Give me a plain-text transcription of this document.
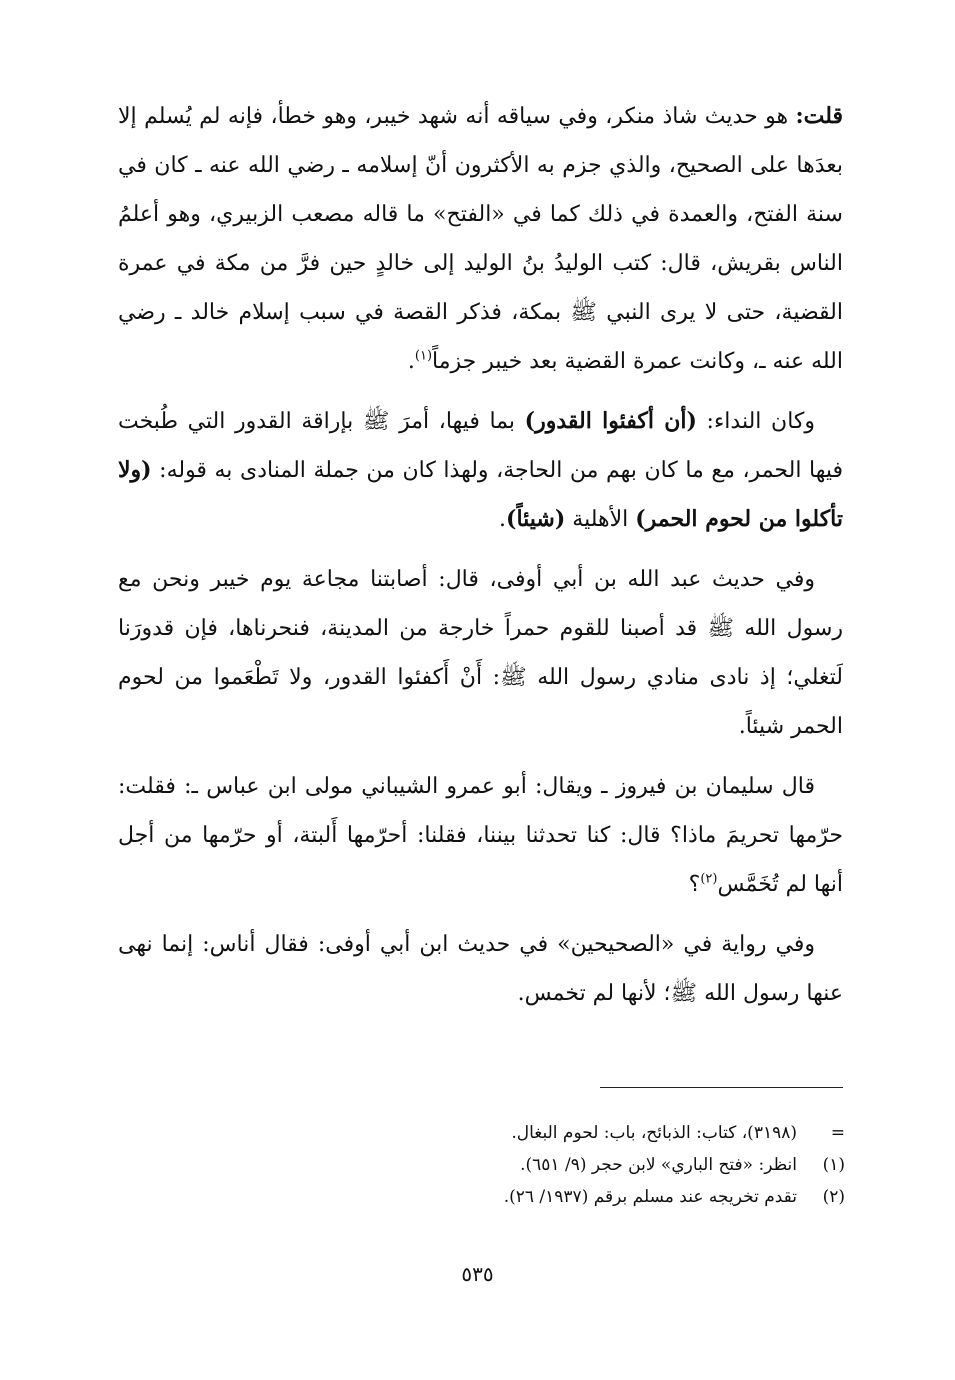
قلت: هو حديث شاذ منكر، وفي سياقه أنه شهد خيبر، وهو خطأ، فإنه لم يُسلم إلا بعدَها على الصحيح، والذي جزم به الأكثرون أنّ إسلامه ـ رضي الله عنه ـ كان في سنة الفتح، والعمدة في ذلك كما في «الفتح» ما قاله مصعب الزبيري، وهو أعلمُ الناس بقريش، قال: كتب الوليدُ بنُ الوليد إلى خالدٍ حين فرَّ من مكة في عمرة القضية، حتى لا يرى النبي ﷺ بمكة، فذكر القصة في سبب إسلام خالد ـ رضي الله عنه ـ، وكانت عمرة القضية بعد خيبر جزماً$^{(١)}$.

وكان النداء: (أن أكفئوا القدور) بما فيها، أمرَ ﷺ بإراقة القدور التي طُبخت فيها الحمر، مع ما كان بهم من الحاجة، ولهذا كان من جملة المنادى به قوله: (ولا تأكلوا من لحوم الحمر) الأهلية (شيئاً).

وفي حديث عبد الله بن أبي أوفى، قال: أصابتنا مجاعة يوم خيبر ونحن مع رسول الله ﷺ قد أصبنا للقوم حمراً خارجة من المدينة، فنحرناها، فإن قدورَنا لَتغلي؛ إذ نادى منادي رسول الله ﷺ: أَنْ أَكفئوا القدور، ولا تَطْعَموا من لحوم الحمر شيئاً.

قال سليمان بن فيروز ـ ويقال: أبو عمرو الشيباني مولى ابن عباس ـ: فقلت: حرّمها تحريمَ ماذا؟ قال: كنا تحدثنا بيننا، فقلنا: أحرّمها أَلبتة، أو حرّمها من أجل أنها لم تُخَمَّس$^{(٢)}$؟

وفي رواية في «الصحيحين» في حديث ابن أبي أوفى: فقال أناس: إنما نهى عنها رسول الله ﷺ؛ لأنها لم تخمس.

=
(٣١٩٨)، كتاب: الذبائح، باب: لحوم البغال.
(١)
انظر: «فتح الباري» لابن حجر (٩/ ٦٥١).
(٢)
تقدم تخريجه عند مسلم برقم (١٩٣٧/ ٢٦).
٥٣٥
